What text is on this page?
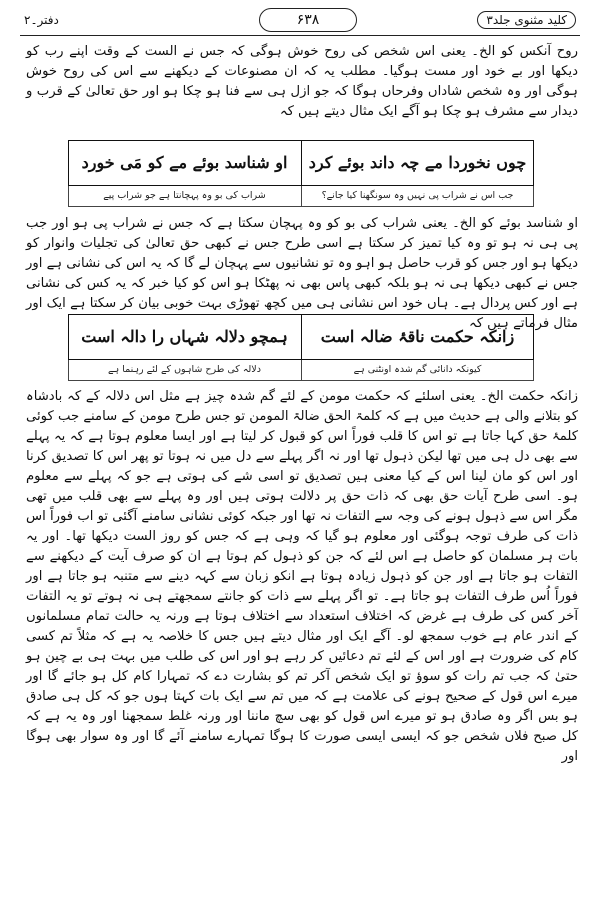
دفتر۔۲	۶۳۸	کلید مثنوی جلد۳

روح آنکس کو الخ۔ یعنی اس شخص کی روح خوش ہوگی کہ جس نے الست کے وقت اپنے رب کو دیکھا اور بے خود اور مست ہوگیا۔ مطلب یہ کہ ان مصنوعات کے دیکھنے سے اس کی روح خوش ہوگی اور وہ شخص شاداں وفرحاں ہوگا کہ جو ازل ہی سے فنا ہو چکا ہو اور حق تعالیٰ کے قرب و دیدار سے مشرف ہو چکا ہو آگے ایک مثال دیتے ہیں کہ

چوں نخوردا مے چہ داند بوئے کرد
او شناسد بوئے مے کو مَی خورد
جب اس نے شراب پی نہیں وہ سونگھنا کیا جانے؟
شراب کی بو وہ پہچانتا ہے جو شراب پیے

او شناسد بوئے کو الخ۔ یعنی شراب کی بو کو وہ پہچان سکتا ہے کہ جس نے شراب پی ہو اور جب پی ہی نہ ہو تو وہ کیا تمیز کر سکتا ہے اسی طرح جس نے کبھی حق تعالیٰ کی تجلیات وانوار کو دیکھا ہو اور جس کو قرب حاصل ہو اہو وہ تو نشانیوں سے پہچان لے گا کہ یہ اس کی نشانی ہے اور جس نے کبھی دیکھا ہی نہ ہو بلکہ کبھی پاس بھی نہ پھٹکا ہو اس کو کیا خبر کہ یہ کس کی نشانی ہے اور کس پردال ہے۔ ہاں خود اس نشانی ہی میں کچھ تھوڑی بہت خوبی بیان کر سکتا ہے ایک اور مثال فرماتے ہیں کہ

زانکہ حکمت ناقۂ ضالہ است
ہمچو دلالہ شہاں را دالہ است
کیونکہ دانائی گم شدہ اونٹنی ہے
دلالہ کی طرح شاہوں کے لئے رہنما ہے

زانکہ حکمت الخ۔ یعنی اسلئے کہ حکمت مومن کے لئے گم شدہ چیز ہے مثل اس دلالہ کے کہ بادشاہ کو بتلانے والی ہے حدیث میں ہے کہ کلمۃ الحق ضالۃ المومن تو جس طرح مومن کے سامنے جب کوئی کلمۂ حق کہا جاتا ہے تو اس کا قلب فوراً اس کو قبول کر لیتا ہے اور ایسا معلوم ہوتا ہے کہ یہ پہلے سے بھی دل ہی میں تھا لیکن ذہول تھا اور نہ اگر پہلے سے دل میں نہ ہوتا تو پھر اس کا تصدیق کرنا اور اس کو مان لینا اس کے کیا معنی ہیں تصدیق تو اسی شے کی ہوتی ہے جو کہ پہلے سے معلوم ہو۔ اسی طرح آیات حق بھی کہ ذات حق پر دلالت ہوتی ہیں اور وہ پہلے سے بھی قلب میں تھی مگر اس سے ذہول ہونے کی وجہ سے التفات نہ تھا اور جبکہ کوئی نشانی سامنے آگئی تو اب فوراً اس ذات کی طرف توجہ ہوگئی اور معلوم ہو گیا کہ وہی ہے کہ جس کو روز الست دیکھا تھا۔ اور یہ بات ہر مسلمان کو حاصل ہے اس لئے کہ جن کو ذہول کم ہوتا ہے ان کو صرف آیت کے دیکھنے سے التفات ہو جاتا ہے اور جن کو ذہول زیادہ ہوتا ہے انکو زبان سے کہہ دینے سے متنبہ ہو جاتا ہے اور فوراً اُس طرف التفات ہو جاتا ہے۔ تو اگر پہلے سے ذات کو جانتے سمجھتے ہی نہ ہوتے تو یہ التفات آخر کس کی طرف ہے غرض کہ اختلاف استعداد سے اختلاف ہوتا ہے ورنہ یہ حالت تمام مسلمانوں کے اندر عام ہے خوب سمجھ لو۔ آگے ایک اور مثال دیتے ہیں جس کا خلاصہ یہ ہے کہ مثلاً تم کسی کام کی ضرورت ہے اور اس کے لئے تم دعائیں کر رہے ہو اور اس کی طلب میں بہت ہی بے چین ہو حتیٰ کہ جب تم رات کو سوؤ تو ایک شخص آکر تم کو بشارت دے کہ تمہارا کام کل ہو جائے گا اور میرے اس قول کے صحیح ہونے کی علامت ہے کہ میں تم سے ایک بات کہتا ہوں جو کہ کل ہی صادق ہو بس اگر وہ صادق ہو تو میرے اس قول کو بھی سچ ماننا اور ورنہ غلط سمجھنا اور وہ یہ ہے کہ کل صبح فلاں شخص جو کہ ایسی ایسی صورت کا ہوگا تمہارے سامنے آئے گا اور وہ سوار بھی ہوگا اور
